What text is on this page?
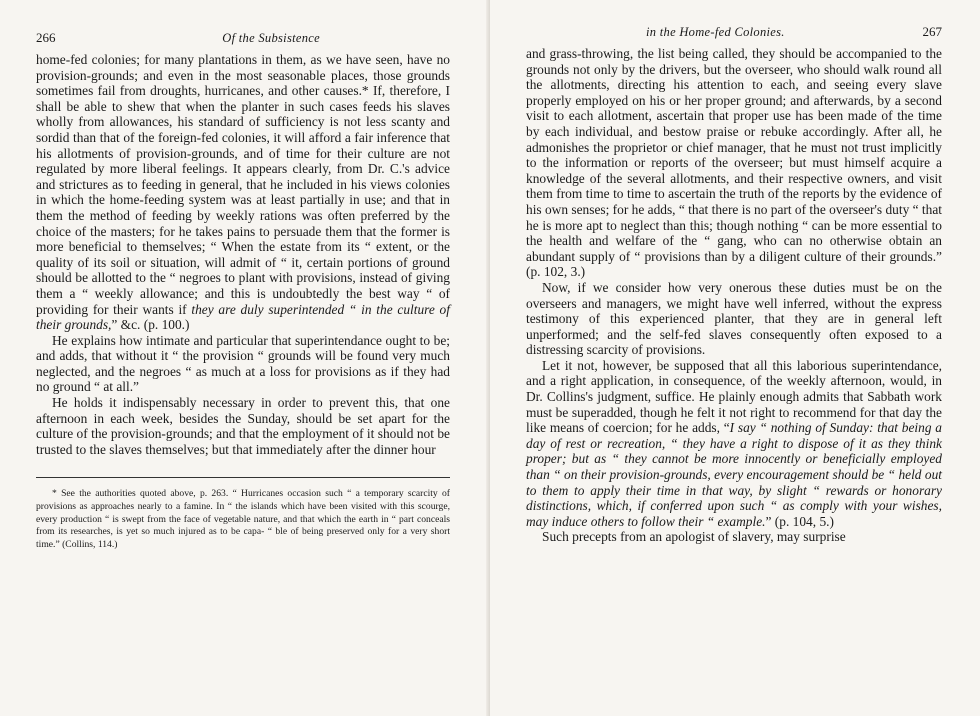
266	Of the Subsistence

home-fed colonies; for many plantations in them, as we have seen, have no provision-grounds; and even in the most seasonable places, those grounds sometimes fail from droughts, hurricanes, and other causes.* If, therefore, I shall be able to shew that when the planter in such cases feeds his slaves wholly from allowances, his standard of sufficiency is not less scanty and sordid than that of the foreign-fed colonies, it will afford a fair inference that his allotments of provision-grounds, and of time for their culture are not regulated by more liberal feelings. It appears clearly, from Dr. C.'s advice and strictures as to feeding in general, that he included in his views colonies in which the home-feeding system was at least partially in use; and that in them the method of feeding by weekly rations was often preferred by the choice of the masters; for he takes pains to persuade them that the former is more beneficial to themselves; “ When the estate from its “ extent, or the quality of its soil or situation, will admit of “ it, certain portions of ground should be allotted to the “ negroes to plant with provisions, instead of giving them a “ weekly allowance; and this is undoubtedly the best way “ of providing for their wants if they are duly superintended “ in the culture of their grounds,” &c. (p. 100.)

He explains how intimate and particular that superintendance ought to be; and adds, that without it “ the provision “ grounds will be found very much neglected, and the negroes “ as much at a loss for provisions as if they had no ground “ at all.”

He holds it indispensably necessary in order to prevent this, that one afternoon in each week, besides the Sunday, should be set apart for the culture of the provision-grounds; and that the employment of it should not be trusted to the slaves themselves; but that immediately after the dinner hour

* See the authorities quoted above, p. 263. “ Hurricanes occasion such “ a temporary scarcity of provisions as approaches nearly to a famine. In “ the islands which have been visited with this scourge, every production “ is swept from the face of vegetable nature, and that which the earth in “ part conceals from its researches, is yet so much injured as to be capa- “ ble of being preserved only for a very short time.” (Collins, 114.)

in the Home-fed Colonies.	267

and grass-throwing, the list being called, they should be accompanied to the grounds not only by the drivers, but the overseer, who should walk round all the allotments, directing his attention to each, and seeing every slave properly employed on his or her proper ground; and afterwards, by a second visit to each allotment, ascertain that proper use has been made of the time by each individual, and bestow praise or rebuke accordingly. After all, he admonishes the proprietor or chief manager, that he must not trust implicitly to the information or reports of the overseer; but must himself acquire a knowledge of the several allotments, and their respective owners, and visit them from time to time to ascertain the truth of the reports by the evidence of his own senses; for he adds, “ that there is no part of the overseer's duty “ that he is more apt to neglect than this; though nothing “ can be more essential to the health and welfare of the “ gang, who can no otherwise obtain an abundant supply of “ provisions than by a diligent culture of their grounds.” (p. 102, 3.)

Now, if we consider how very onerous these duties must be on the overseers and managers, we might have well inferred, without the express testimony of this experienced planter, that they are in general left unperformed; and the self-fed slaves consequently often exposed to a distressing scarcity of provisions.

Let it not, however, be supposed that all this laborious superintendance, and a right application, in consequence, of the weekly afternoon, would, in Dr. Collins's judgment, suffice. He plainly enough admits that Sabbath work must be superadded, though he felt it not right to recommend for that day the like means of coercion; for he adds, “I say “ nothing of Sunday: that being a day of rest or recreation, “ they have a right to dispose of it as they think proper; but as “ they cannot be more innocently or beneficially employed than “ on their provision-grounds, every encouragement should be “ held out to them to apply their time in that way, by slight “ rewards or honorary distinctions, which, if conferred upon such “ as comply with your wishes, may induce others to follow their “ example.” (p. 104, 5.)

Such precepts from an apologist of slavery, may surprise
